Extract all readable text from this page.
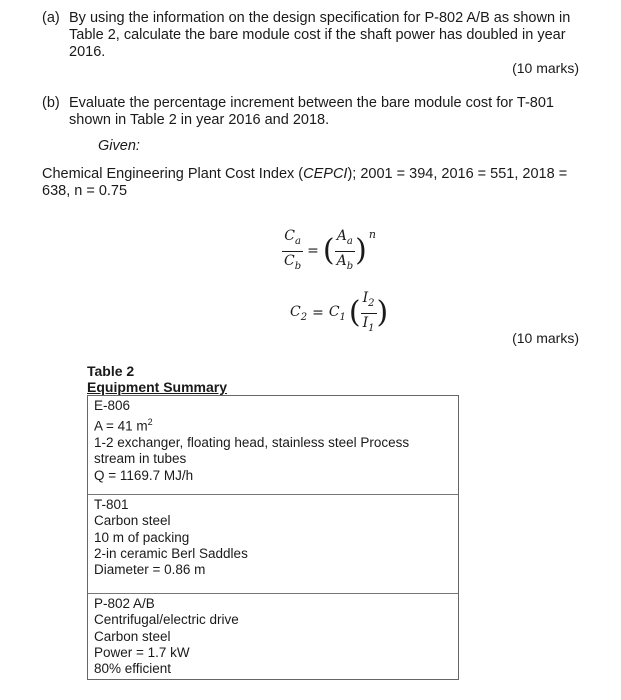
(a) By using the information on the design specification for P-802 A/B as shown in
Table 2, calculate the bare module cost if the shaft power has doubled in year
2016.
(10 marks)
(b) Evaluate the percentage increment between the bare module cost for T-801
shown in Table 2 in year 2016 and 2018.
Given:
Chemical Engineering Plant Cost Index (CEPCI); 2001 = 394, 2016 = 551, 2018 =
638, n = 0.75
$\frac{C_a}{C_b}$ = ( $\frac{A_a}{A_b}$ ) n
$C_2 = C_1$ ( $\frac{I_2}{I_1}$ )
(10 marks)
Table 2
Equipment Summary
E-806
A = 41 $m^2$
1-2 exchanger, floating head, stainless steel Process
stream in tubes
Q = 1169.7 MJ/h
T-801
Carbon steel
10 m of packing
2-in ceramic Berl Saddles
Diameter = 0.86 m
P-802 A/B
Centrifugal/electric drive
Carbon steel
Power = 1.7 kW
80% efficient
